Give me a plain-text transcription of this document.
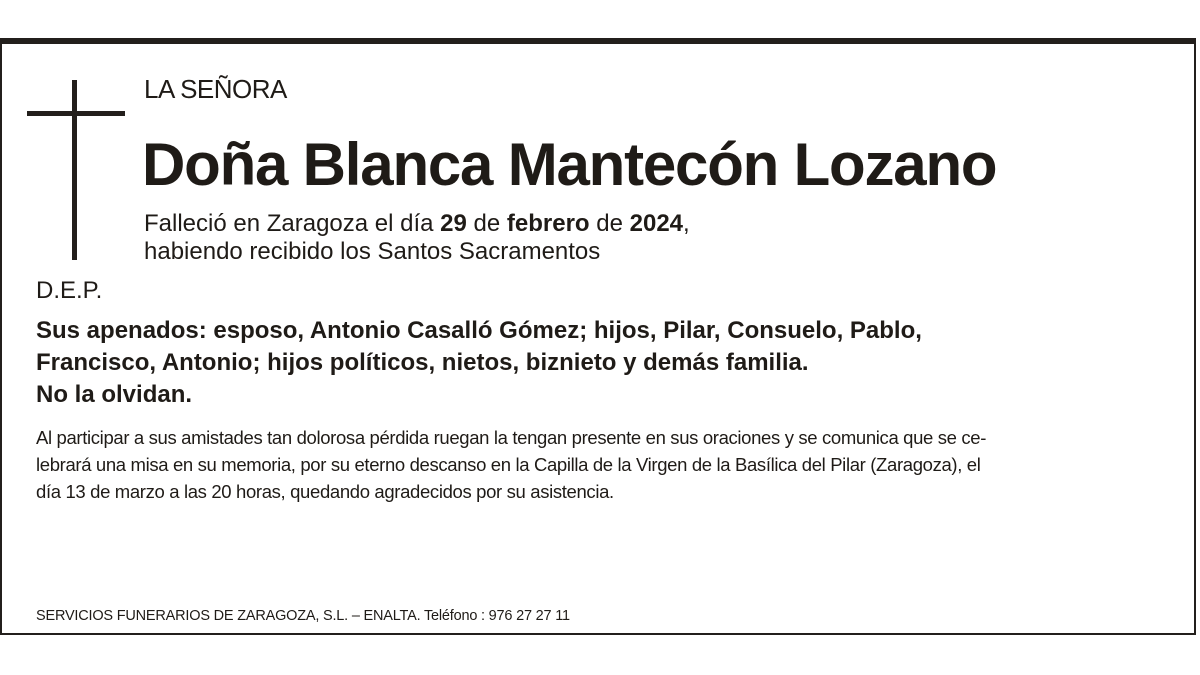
LA SEÑORA
Doña Blanca Mantecón Lozano
Falleció en Zaragoza el día 29 de febrero de 2024,
habiendo recibido los Santos Sacramentos
D.E.P.
Sus apenados: esposo, Antonio Casalló Gómez; hijos, Pilar, Consuelo, Pablo,
Francisco, Antonio; hijos políticos, nietos, biznieto y demás familia.
No la olvidan.
Al participar a sus amistades tan dolorosa pérdida ruegan la tengan presente en sus oraciones y se comunica que se ce-
lebrará una misa en su memoria, por su eterno descanso en la Capilla de la Virgen de la Basílica del Pilar (Zaragoza), el
día 13 de marzo a las 20 horas, quedando agradecidos por su asistencia.
SERVICIOS FUNERARIOS DE ZARAGOZA, S.L. – ENALTA. Teléfono : 976 27 27 11
